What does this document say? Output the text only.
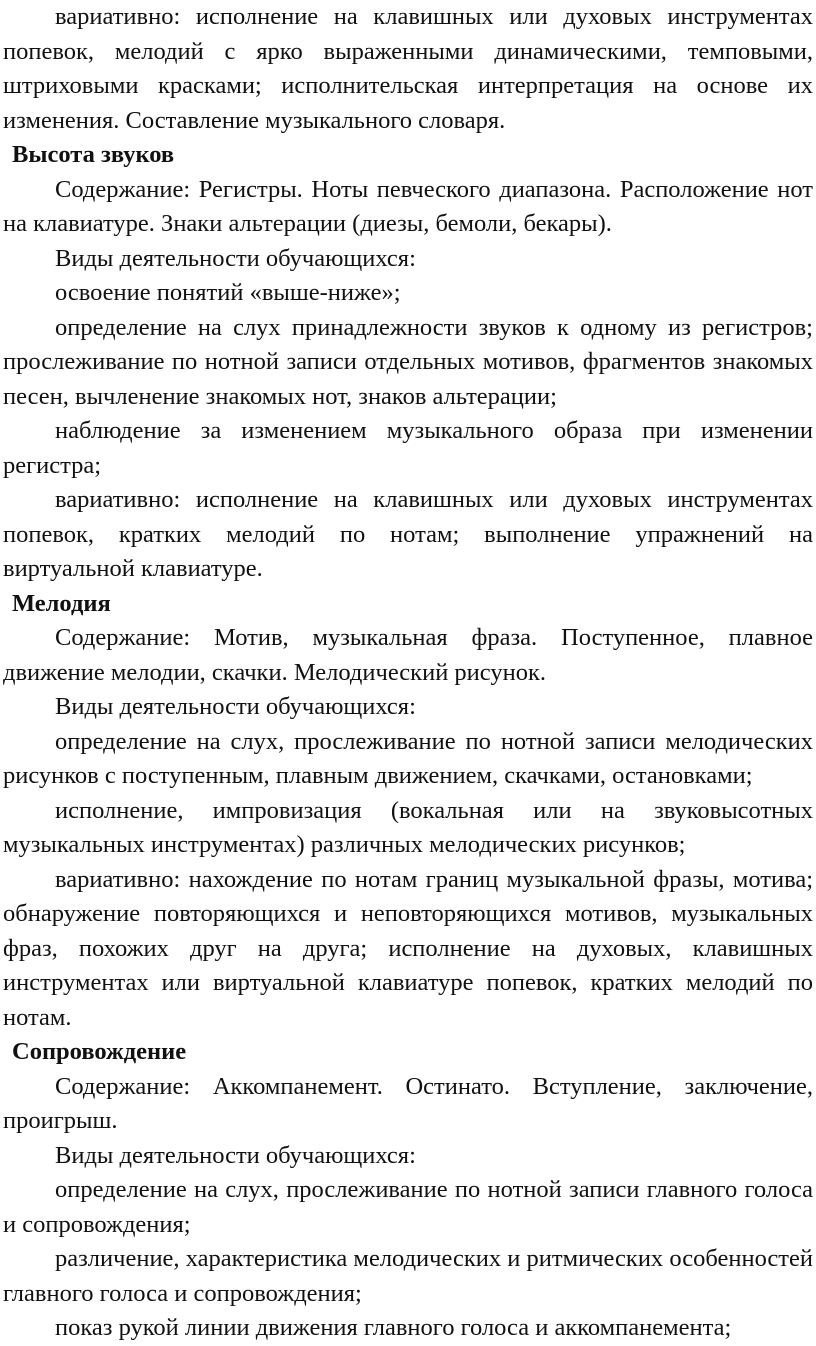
вариативно: исполнение на клавишных или духовых инструментах попевок, мелодий с ярко выраженными динамическими, темповыми, штриховыми красками; исполнительская интерпретация на основе их изменения. Составление музыкального словаря.

Высота звуков

Содержание: Регистры. Ноты певческого диапазона. Расположение нот на клавиатуре. Знаки альтерации (диезы, бемоли, бекары).

Виды деятельности обучающихся:

освоение понятий «выше-ниже»;

определение на слух принадлежности звуков к одному из регистров; прослеживание по нотной записи отдельных мотивов, фрагментов знакомых песен, вычленение знакомых нот, знаков альтерации;

наблюдение за изменением музыкального образа при изменении регистра;

вариативно: исполнение на клавишных или духовых инструментах попевок, кратких мелодий по нотам; выполнение упражнений на виртуальной клавиатуре.

Мелодия

Содержание: Мотив, музыкальная фраза. Поступенное, плавное движение мелодии, скачки. Мелодический рисунок.

Виды деятельности обучающихся:

определение на слух, прослеживание по нотной записи мелодических рисунков с поступенным, плавным движением, скачками, остановками;

исполнение, импровизация (вокальная или на звуковысотных музыкальных инструментах) различных мелодических рисунков;

вариативно: нахождение по нотам границ музыкальной фразы, мотива; обнаружение повторяющихся и неповторяющихся мотивов, музыкальных фраз, похожих друг на друга; исполнение на духовых, клавишных инструментах или виртуальной клавиатуре попевок, кратких мелодий по нотам.

Сопровождение

Содержание: Аккомпанемент. Остинато. Вступление, заключение, проигрыш.

Виды деятельности обучающихся:

определение на слух, прослеживание по нотной записи главного голоса и сопровождения;

различение, характеристика мелодических и ритмических особенностей главного голоса и сопровождения;

показ рукой линии движения главного голоса и аккомпанемента;
